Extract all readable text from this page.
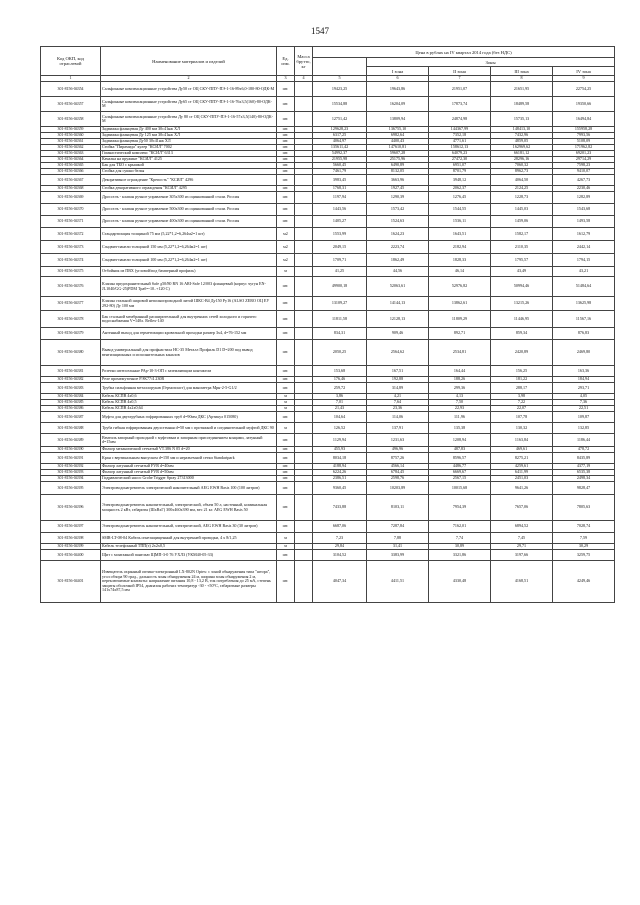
1547
Код ОКП, код
отраслевой	Наименование материалов и изделий	Ед. изм.	Масса брутто, кг	Цена в рублях на IV квартал 2014 года (без НДС)				
					Зоны			
					I зона	II зона	III зона	IV зона
1	2	3	4	5	6	7	8	9
301-8156-04354	Сальфонные компенсационные устройства Ду50 ст ОЦ СКУ-ППУ-ПЭ-1-16-89х6,0-180-80-ОДК-М	шт.		19423,25	19643,86	21951,07	21651,95	22754,25
301-8156-04357	Сальфонные компенсационные устройства Ду65 ст ОЦ СКУ-ППУ-ПЭ-1-16-76х3,5(160)-80-ОДК-М	шт.		15534,88	16204,09	17873,74	18489,58	19350,66
301-8156-04358	Сальфонные компенсационные устройства Ду 80 ст ОЦ СКУ-ППУ-ПЭ-1-16-57х3,5(140)-80-ОДК-М	шт.		12751,42	13809,94	24874,98	15735,13	16494,84
301-8156-04359	Задвижка фланцевая Ду 400 мм 30с41нж ХЛ	шт.		129628,23	136755,10	144367,99	148413,10	155958,28
301-8156-04360	Задвижка фланцевая Ду 125 мм 30с41нж ХЛ	шт.		6317,25	6982,64	7352,18	7432,96	7993,56
301-8156-04361	Задвижка фланцевая Ду50 30с41нж ХЛ	шт.		4064,97	4400,43	4771,61	4859,05	5108,09
301-8156-04362	Стойка "Пирамида" кулер "КСИЛ" 7002	шт.		135611,42	147610,81	158612,13	162969,62	171962,82
301-8156-04363	Гимнастический комплекс "КСИЛ" 6313	шт.		54992,37	59607,28	64079,23	66181,12	69201,23
301-8156-04364	Качалка на пружине "КСИЛ" 4125	шт.		21955,98	25175,96	27472,30	28296,16	29714,29
301-8156-04365	Бак для ТБО с крышкой	шт.		5660,45	6490,89	6951,07	7060,32	7598,23
301-8156-04366	Стойка для сушки белья	шт.		7461,79	8132,05	8701,79	8962,73	9410,07
301-8156-04367	Декоративное ограждение "Крепость" "КСИЛ" 4296	шт.		3983,45	3663,96	3948,12	4064,50	4267,73
301-8156-04368	Стойка декоративного ограждения "КСИЛ" 4295	шт.		1768,31	1927,45	2062,37	2124,25	2230,46
301-8156-04369	Дросселъ - клапан ручное управление 305х300 из оцинкованной стали. Россия	шт.		1197,94	1290,39	1276,45	1228,73	1282,89
301-8156-04370	Дросселъ - клапан ручное управление 500х300 из оцинкованной стали. Россия	шт.		1443,56	1573,42	1544,55	1445,03	1543,68
301-8156-04371	Дросселъ - клапан ручное управление 400х300 из оцинкованной стали. Россия	шт.		1405,27	1524,63	1536,11	1459,06	1493,58
301-8156-04372	Стандартизация толщиной 75 мм (5,22*1,2=6,264м2=1 шт)	м2		1553,99	1624,23	1643,51	1582,17	1612,79
301-8156-04373	Сэндвич-панели толщиной 150 мм (5,22*1,2=6,264м2=1 шт)	м2		2049,15	2223,74	2182,94	2110,35	2442,14
301-8156-04374	Сэндвич-панели толщиной 100 мм (5,22*1,2=6,264м2=1 шт)	м2		1709,71	1862,49	1828,33	1795,57	1794,15
301-8156-04375	Отбойник из ПВХ (угловой/под бамперный профиль)	м		41,25	44,56	46,14	43,49	43,21
301-8156-04376	Клапан предохранительный Safe д50/80 RN 16 ARI-Safe 12/003 фланцевый (корпус чугун EN-JL1040/GG-25)PDM Траб=-10..+120 С)	шт.		49900,18	52063,61	52976,82	50994,46	51484,64
301-8156-04377	Клапан стальной шаровой неполнопроходной литой ШКС-В4 Ду150 Ру16 (ALSO ZERO ОЦ ЕУ 292-80) Ду 100 мм	шт.		13109,27	14144,13	13862,61	13215,26	13625,98
301-8156-04378	Бак стальной мембранный расширительный для внутренних сетей холодного и горячего водоснабжения V=140л. Reflex-140	шт.		11811,58	12128,13	11809,29	11446,95	11567,16
301-8156-04379	Антенный выход для герметизации кровельной проходки размер 3х4, d=76-152 мм	шт.		834,31	909,46	892,71	859,34	876,83
301-8156-04380	Вывод универсальный для профнастила НС-35 Металл Профиль D1 D=200 под вывод вентиляционных и исполнительных каналов	шт.		2050,25	2564,62	2534,81	2420,89	2469,80
301-8156-04381	Розетки штепсельные РАр-10-3-ОП с заземляющим контактом	шт.		153,68	167,51	164,44	156,25	163,36
301-8156-04382	Реле промежуточное РЭК77/4 230В	шт.		176,46	192,88	188,26	181,22	184,94
301-8156-04383	Трубка сильфонная металлорукав (Гермопласт) для манометра Мрн-2-5-G1/2	шт.		259,72	314,89	299,36	288,17	293,71
301-8156-04384	Кабель КСПВ 4х0,6	м		3,86	4,21	4,13	3,98	4,05
301-8156-04385	Кабель КСПВ 4х0,5	м		7,01	7,64	7,50	7,22	7,36
301-8156-04386	Кабель КСПВ 4х2х0,64	м		21,43	23,36	22,93	22,07	22,51
301-8156-04387	Муфта для двухтрубных гофрированных труб d=90мм ДКС (Артикул 015080)	шт.		104,64	114,06	111,96	107,78	109,87
301-8156-04388	Труба гибкая гофрированная двухстенная d=50 мм с протяжкой и соединительной муфтой ДКС 90	м		126,52	137,91	135,38	130,32	132,85
301-8156-04389	Вентиль запорный проходной с муфтовым и запорным присоединением концами, латунный d=15мм	шт.		1129,94	1231,63	1208,94	1163,84	1186,44
301-8156-04390	Фильтр механический сетчатый VT.386 N 05 d=20	шт.		455,93	496,96	487,83	469,61	478,72
301-8156-04391	Кран с вертикальным выпуском d=150 мм и неразъемной сетки Standartpark	шт.		8034,18	8757,26	8596,57	8275,21	8435,89
301-8156-04392	Фильтр латунный сетчатый FVR d=40мм	шт.		4188,94	4566,14	4486,77	4259,61	4377,19
301-8156-04393	Фильтр латунный сетчатый FVR d=50мм	шт.		6224,26	6784,45	6669,67	6411,99	6535,38
301-8156-04394	Гидравлический насос Grohe Trigger Spray 27313000	шт.		2386,51	2598,76	2567,15	2451,03	2498,34
301-8156-04395	Электроводонагреватель электрический накопительный AEG EWH Basis 100 (100 литров)	шт.		9360,45	10203,89	10015,68	9641,26	9828,47
301-8156-04396	Электроводонагреватель накопительный, электрический, объем 50 л, настенный, номинальная мощность 2 кВт, габариты (ШхВхГ) 300х460х390 мм, вес 21 кг. AEG EWH Basis 50	шт.		7433,88	8103,11	7954,39	7657,06	7805,63
301-8156-04397	Электроводонагреватель накопительный, электрический, AEG EWH Basis 30 (30 литров)	шт.		6687,06	7287,84	7162,01	6894,52	7028,74
301-8156-04398	SMR-LT-08-04 Кабель огнезащищенный для внутренней проводки, 4 х 8/1,25	м		7,23	7,88	7,74	7,45	7,59
301-8156-04399	Кабель телефонный ТПП(э) 2х2х0,5	м		29,84	31,41	30,89	29,71	30,29
301-8156-04400	Щит с монтажной панелью ЩМП-3-0 76 УХЛ3 (УКМ40-05-33)	шт.		3104,52	3383,99	3321,86	3197,66	3259,75
301-8156-04401	Извещатель охранный оптико-электронный LX-802N Optex: с зоной обнаружения типа "штора", угол обзора 90 град., дальность зоны обнаружения 24 м, ширина зоны обнаружения 2 м, переключаемые контакты: напряжение питания 10,8 - 13,2 В, ток потребления до 25 мА, степень защиты оболочкой IP54, диапазон рабочих температур -30 - +50°С, габаритные размеры 141х74х87,5 мм	шт.		4047,34	4411,51	4330,48	4168,51	4249,46
